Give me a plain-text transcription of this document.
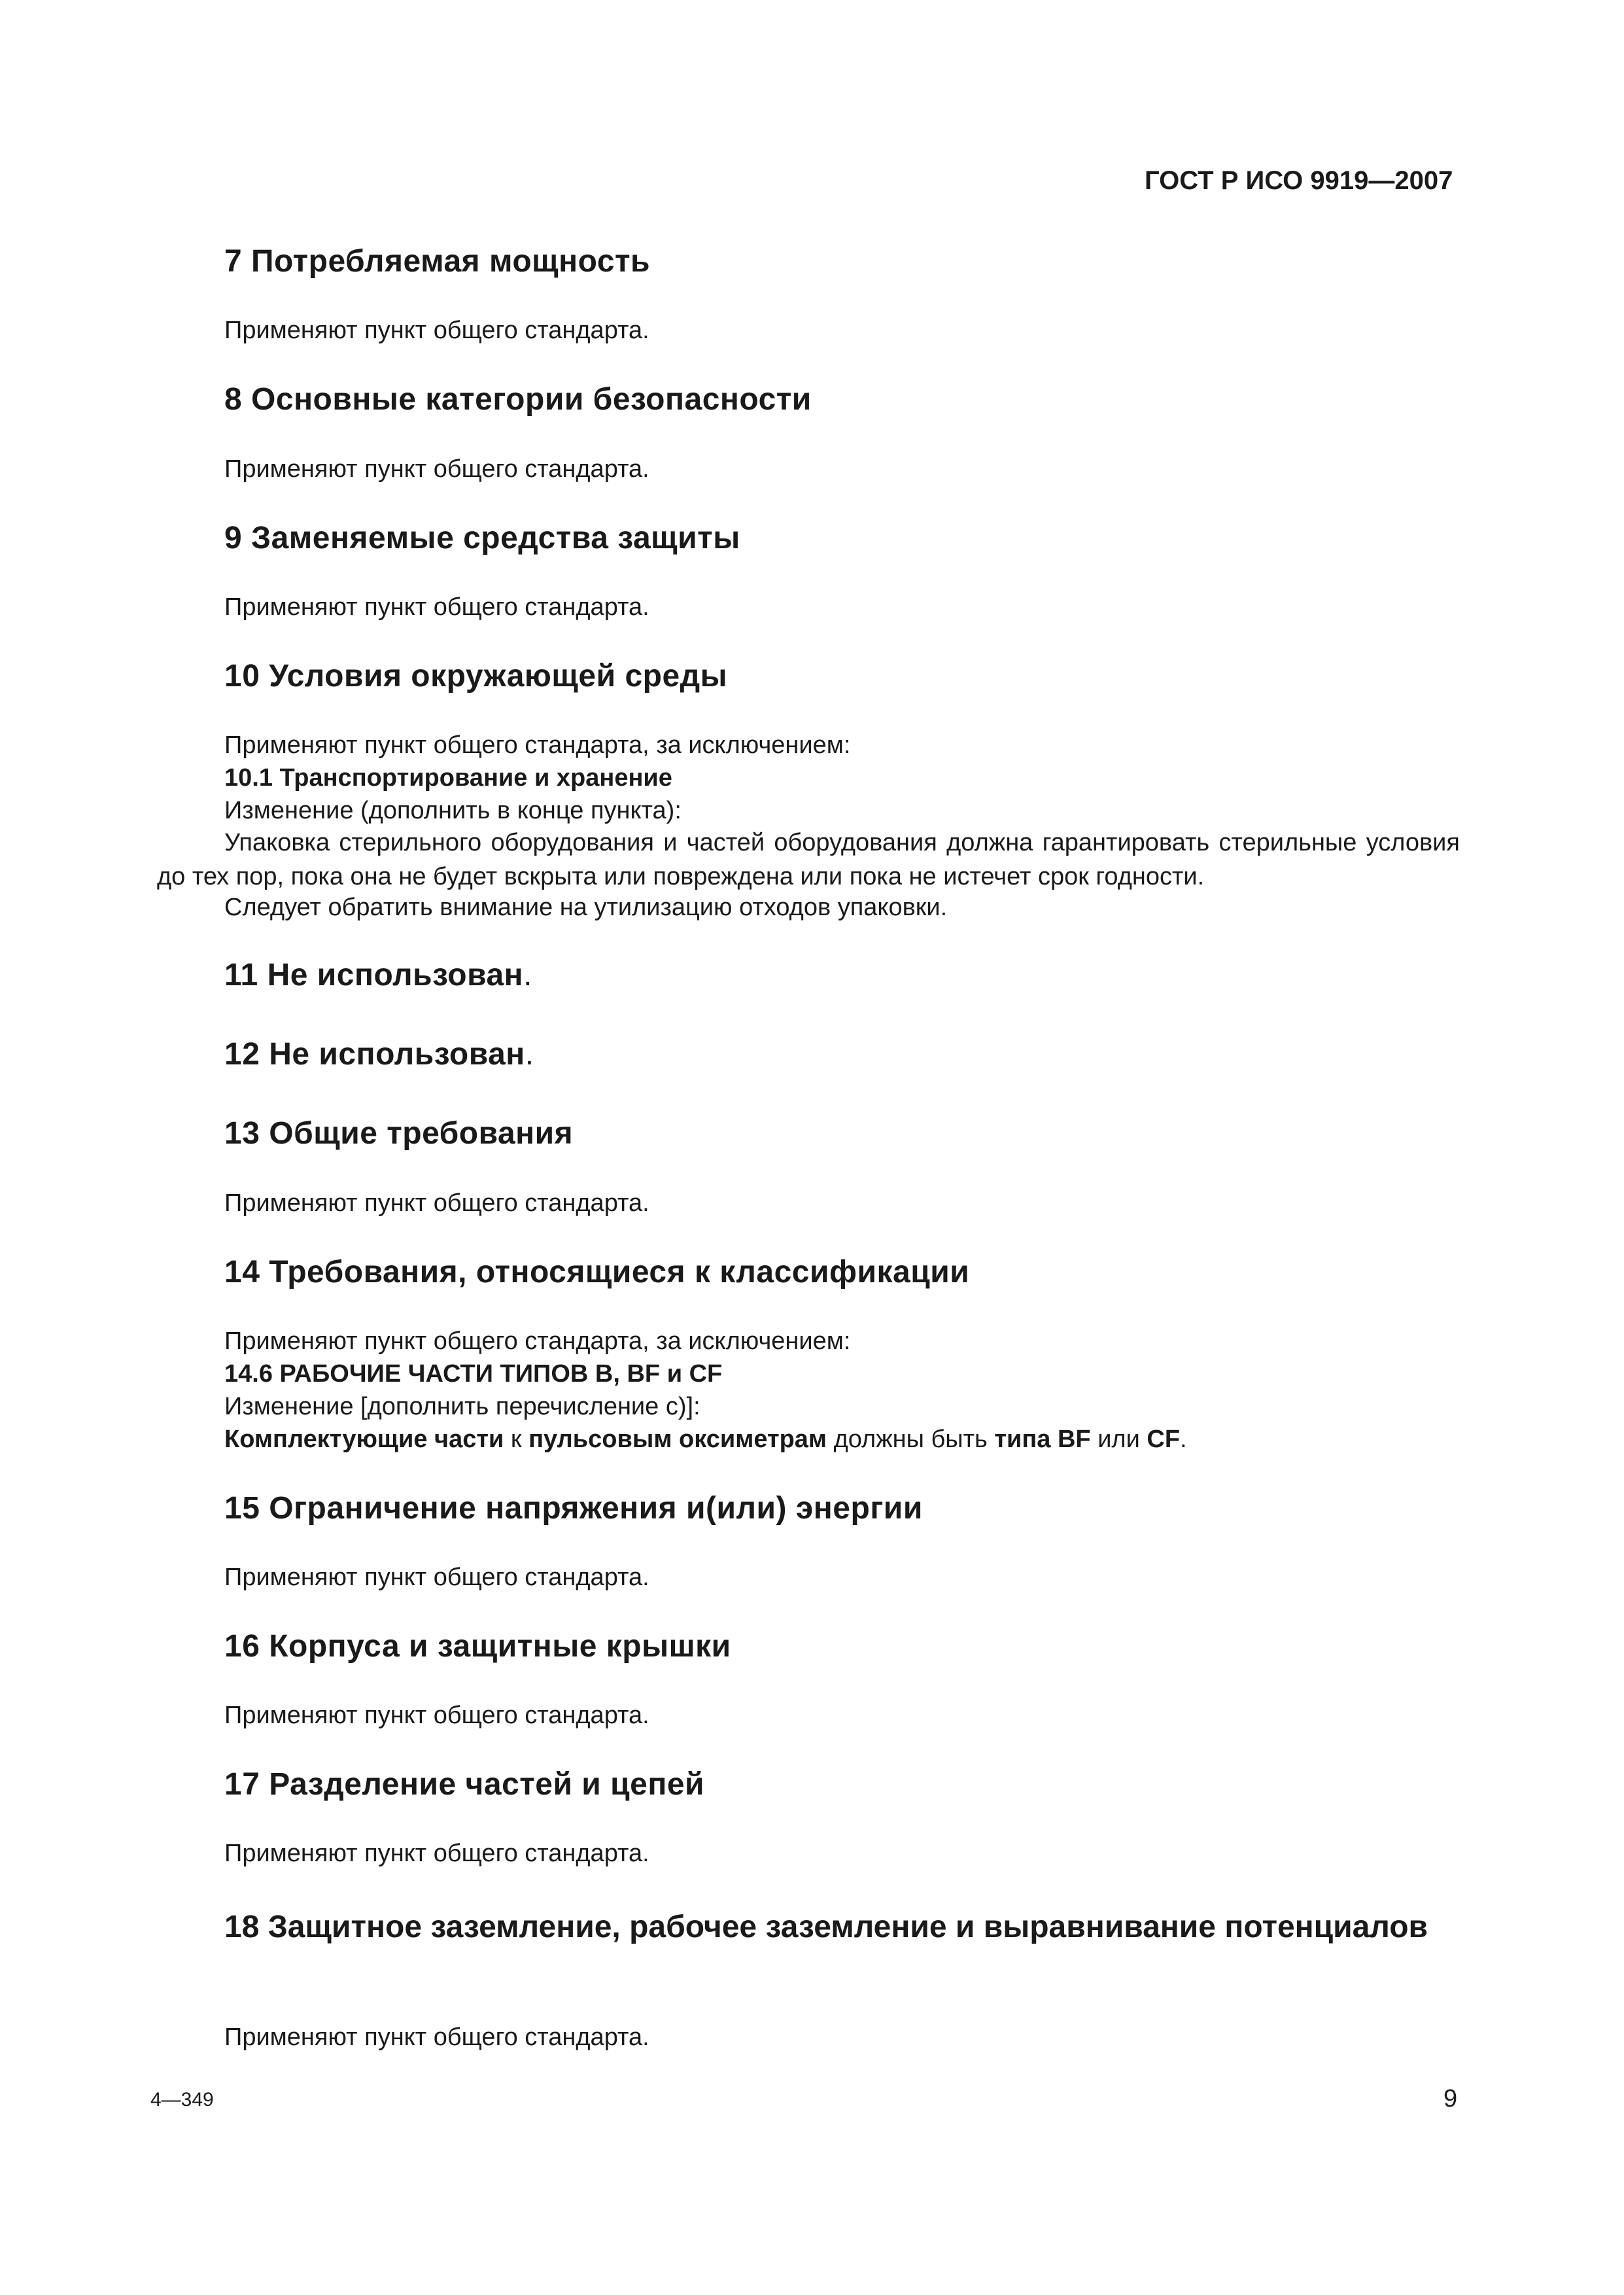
ГОСТ Р ИСО 9919—2007
7 Потребляемая мощность
Применяют пункт общего стандарта.
8 Основные категории безопасности
Применяют пункт общего стандарта.
9 Заменяемые средства защиты
Применяют пункт общего стандарта.
10 Условия окружающей среды
Применяют пункт общего стандарта, за исключением:
10.1 Транспортирование и хранение
Изменение (дополнить в конце пункта):
Упаковка стерильного оборудования и частей оборудования должна гарантировать стерильные условия до тех пор, пока она не будет вскрыта или повреждена или пока не истечет срок годности.
Следует обратить внимание на утилизацию отходов упаковки.
11 Не использован.
12 Не использован.
13 Общие требования
Применяют пункт общего стандарта.
14 Требования, относящиеся к классификации
Применяют пункт общего стандарта, за исключением:
14.6 РАБОЧИЕ ЧАСТИ ТИПОВ В, BF и CF
Изменение [дополнить перечисление с)]:
Комплектующие части к пульсовым оксиметрам должны быть типа BF или CF.
15 Ограничение напряжения и(или) энергии
Применяют пункт общего стандарта.
16 Корпуса и защитные крышки
Применяют пункт общего стандарта.
17 Разделение частей и цепей
Применяют пункт общего стандарта.
18 Защитное заземление, рабочее заземление и выравнивание потенциалов
Применяют пункт общего стандарта.
4—349	9
